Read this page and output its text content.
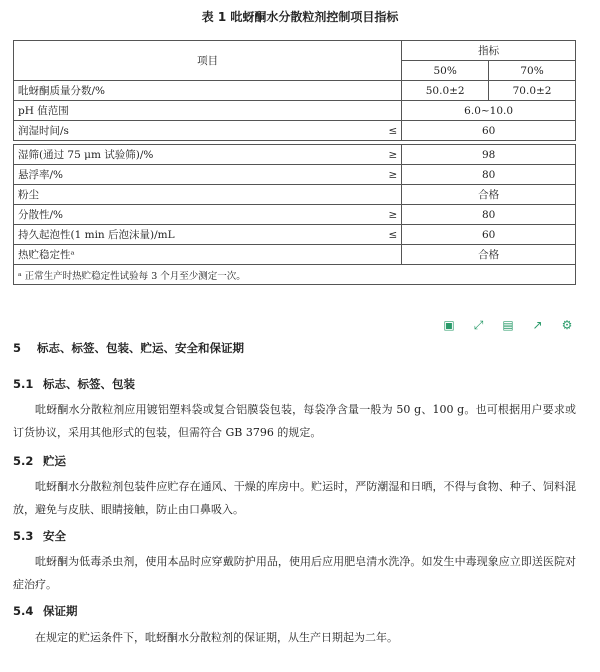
表 1 吡蚜酮水分散粒剂控制项目指标
项目		指标	
		50%	70%
吡蚜酮质量分数/%		50.0±2	70.0±2
pH 值范围		6.0~10.0	
润湿时间/s	≤	60	

湿筛(通过 75 μm 试验筛)/%	≥	98	
悬浮率/%	≥	80	
粉尘		合格	
分散性/%	≥	80	
持久起泡性(1 min 后泡沫量)/mL	≤	60	
热贮稳定性ᵃ		合格	
ᵃ 正常生产时热贮稳定性试验每 3 个月至少测定一次。			
▣ ⤢ ▤ ↗ ⚙
5 标志、标签、包装、贮运、安全和保证期
5.1 标志、标签、包装
吡蚜酮水分散粒剂应用镀铝塑料袋或复合铝膜袋包装，每袋净含量一般为 50 g、100 g。也可根据用户要求或订货协议，采用其他形式的包装，但需符合 GB 3796 的规定。
5.2 贮运
吡蚜酮水分散粒剂包装件应贮存在通风、干燥的库房中。贮运时，严防潮湿和日晒，不得与食物、种子、饲料混放，避免与皮肤、眼睛接触，防止由口鼻吸入。
5.3 安全
吡蚜酮为低毒杀虫剂，使用本品时应穿戴防护用品，使用后应用肥皂清水洗净。如发生中毒现象应立即送医院对症治疗。
5.4 保证期
在规定的贮运条件下，吡蚜酮水分散粒剂的保证期，从生产日期起为二年。
